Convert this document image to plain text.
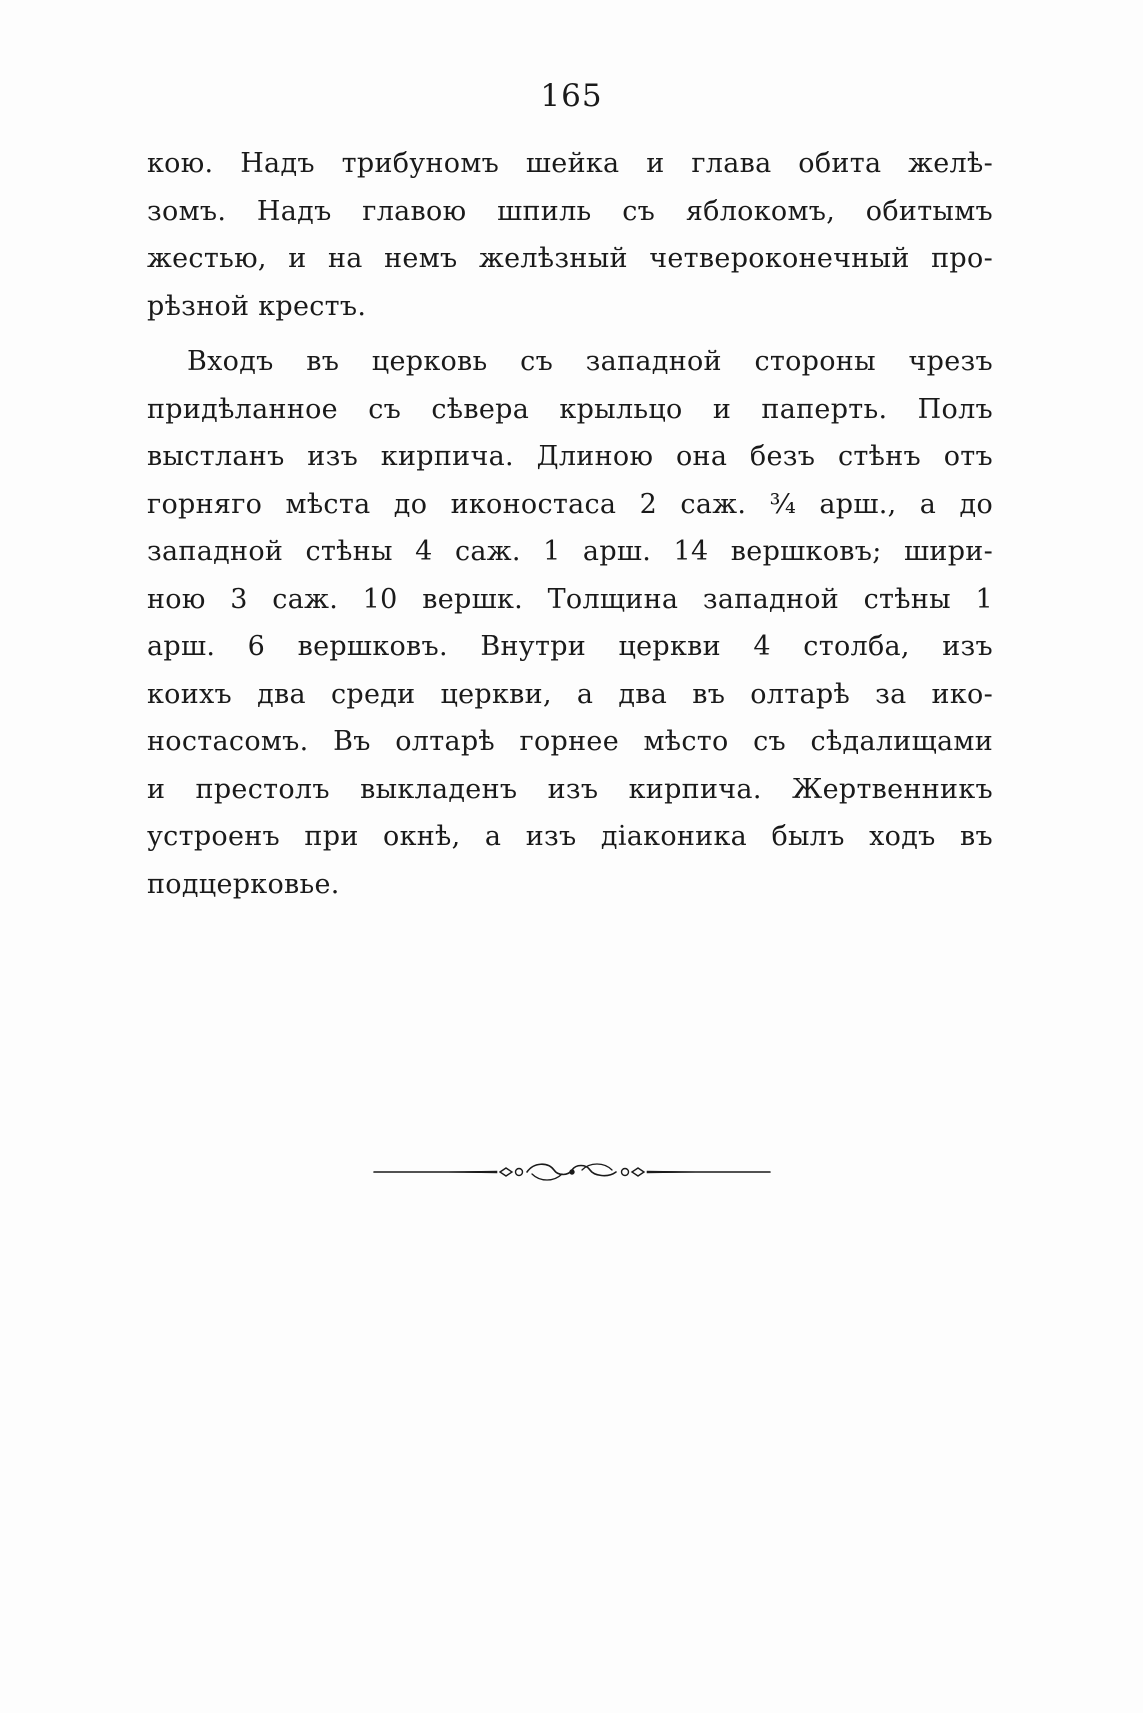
165
кою. Надъ трибуномъ шейка и глава обита желѣ-
зомъ. Надъ главою шпиль съ яблокомъ, обитымъ
жестью, и на немъ желѣзный четвероконечный про-
рѣзной крестъ.
Входъ въ церковь съ западной стороны чрезъ
придѣланное съ сѣвера крыльцо и паперть. Полъ
выстланъ изъ кирпича. Длиною она безъ стѣнъ отъ
горняго мѣста до иконостаса 2 саж. ¾ арш., а до
западной стѣны 4 саж. 1 арш. 14 вершковъ; шири-
ною 3 саж. 10 вершк. Толщина западной стѣны 1
арш. 6 вершковъ. Внутри церкви 4 столба, изъ
коихъ два среди церкви, а два въ олтарѣ за ико-
ностасомъ. Въ олтарѣ горнее мѣсто съ сѣдалищами
и престолъ выкладенъ изъ кирпича. Жертвенникъ
устроенъ при окнѣ, а изъ діаконика былъ ходъ въ
подцерковье.
